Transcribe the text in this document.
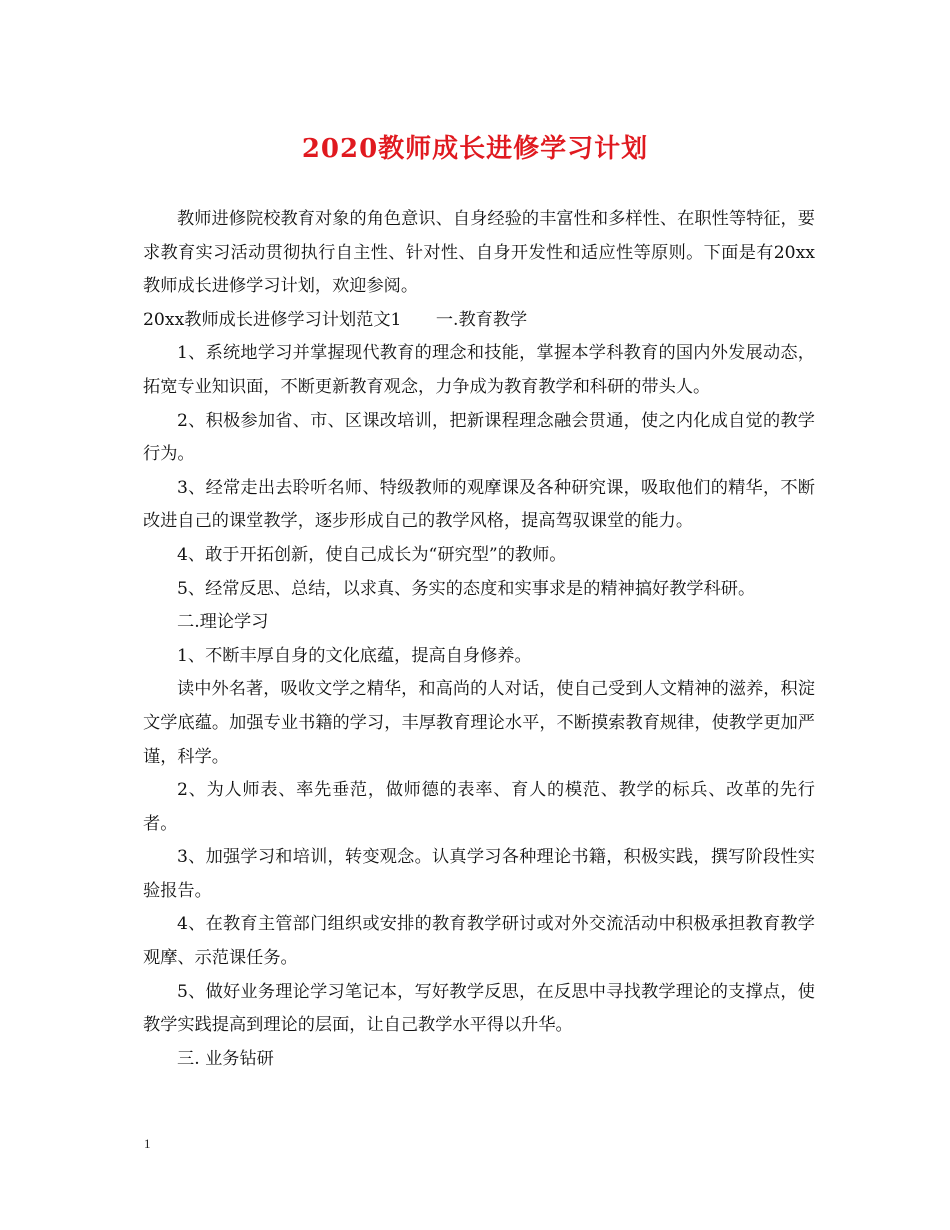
2020教师成长进修学习计划

教师进修院校教育对象的角色意识、自身经验的丰富性和多样性、在职性等特征，要求教育实习活动贯彻执行自主性、针对性、自身开发性和适应性等原则。下面是有20xx教师成长进修学习计划，欢迎参阅。

20xx教师成长进修学习计划范文1　　一.教育教学

1、系统地学习并掌握现代教育的理念和技能，掌握本学科教育的国内外发展动态，拓宽专业知识面，不断更新教育观念，力争成为教育教学和科研的带头人。

2、积极参加省、市、区课改培训，把新课程理念融会贯通，使之内化成自觉的教学行为。

3、经常走出去聆听名师、特级教师的观摩课及各种研究课，吸取他们的精华，不断改进自己的课堂教学，逐步形成自己的教学风格，提高驾驭课堂的能力。

4、敢于开拓创新，使自己成长为“研究型”的教师。

5、经常反思、总结，以求真、务实的态度和实事求是的精神搞好教学科研。

二.理论学习

1、不断丰厚自身的文化底蕴，提高自身修养。

读中外名著，吸收文学之精华，和高尚的人对话，使自己受到人文精神的滋养，积淀文学底蕴。加强专业书籍的学习，丰厚教育理论水平，不断摸索教育规律，使教学更加严谨，科学。

2、为人师表、率先垂范，做师德的表率、育人的模范、教学的标兵、改革的先行者。

3、加强学习和培训，转变观念。认真学习各种理论书籍，积极实践，撰写阶段性实验报告。

4、在教育主管部门组织或安排的教育教学研讨或对外交流活动中积极承担教育教学观摩、示范课任务。

5、做好业务理论学习笔记本，写好教学反思，在反思中寻找教学理论的支撑点，使教学实践提高到理论的层面，让自己教学水平得以升华。

三. 业务钻研

1
